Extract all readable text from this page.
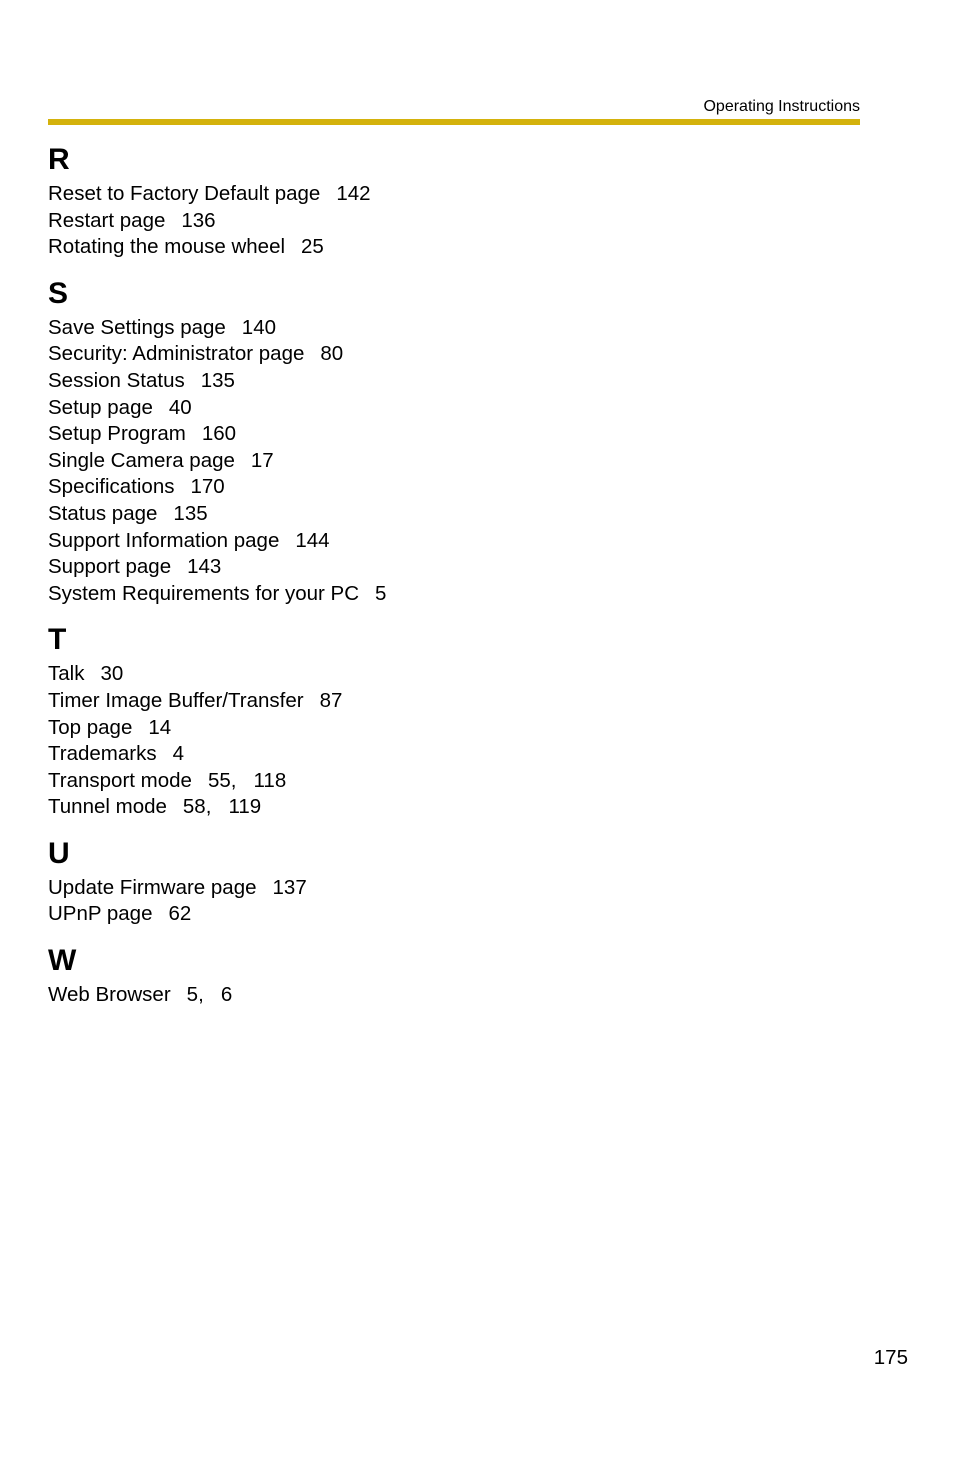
Operating Instructions
R
Reset to Factory Default page 142
Restart page 136
Rotating the mouse wheel 25
S
Save Settings page 140
Security: Administrator page 80
Session Status 135
Setup page 40
Setup Program 160
Single Camera page 17
Specifications 170
Status page 135
Support Information page 144
Support page 143
System Requirements for your PC 5
T
Talk 30
Timer Image Buffer/Transfer 87
Top page 14
Trademarks 4
Transport mode 55,   118
Tunnel mode 58,   119
U
Update Firmware page 137
UPnP page 62
W
Web Browser 5,   6
175
